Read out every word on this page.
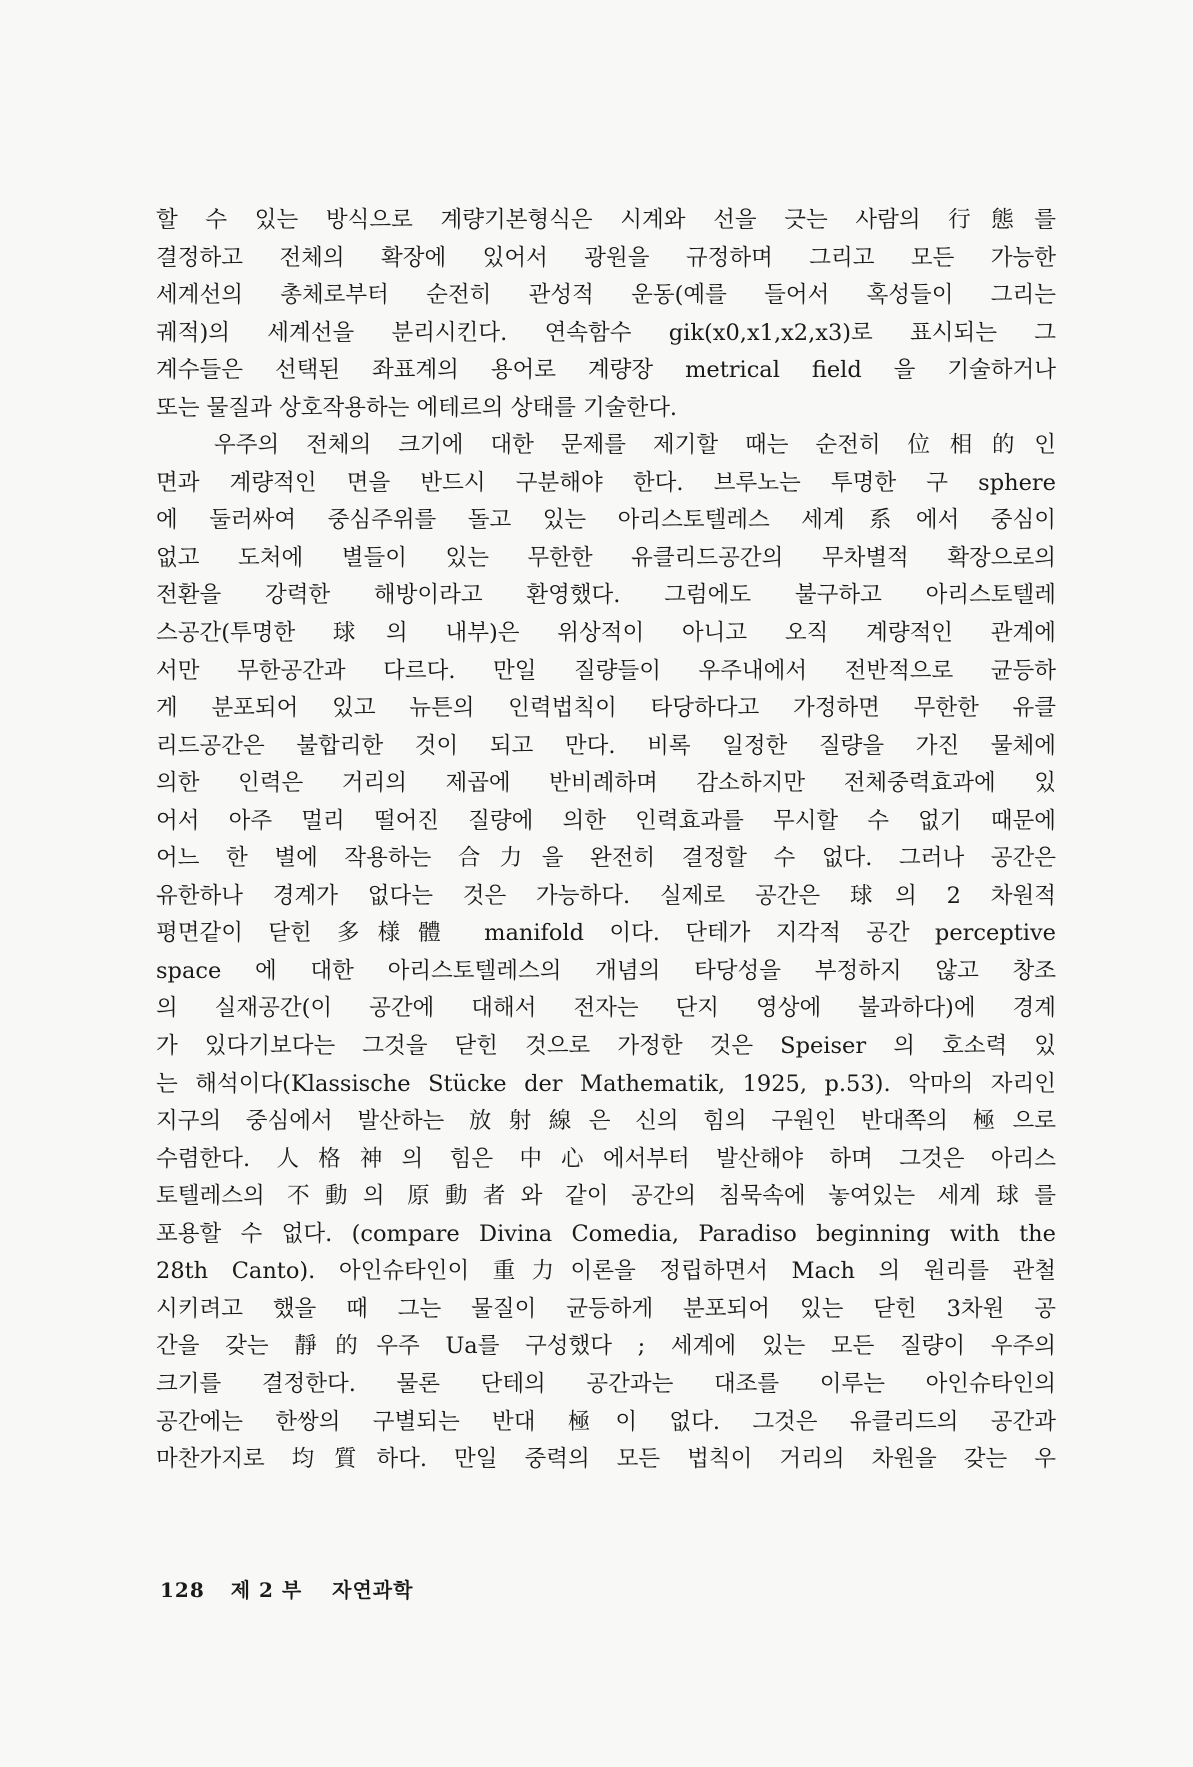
할 수 있는 방식으로 계량기본형식은 시계와 선을 긋는 사람의 行態를
결정하고 전체의 확장에 있어서 광원을 규정하며 그리고 모든 가능한
세계선의 총체로부터 순전히 관성적 운동(예를 들어서 혹성들이 그리는
궤적)의 세계선을 분리시킨다. 연속함수 gik(x0,x1,x2,x3)로 표시되는 그
계수들은 선택된 좌표계의 용어로 계량장 metrical field 을 기술하거나
또는 물질과 상호작용하는 에테르의 상태를 기술한다.
우주의 전체의 크기에 대한 문제를 제기할 때는 순전히 位相的인
면과 계량적인 면을 반드시 구분해야 한다. 브루노는 투명한 구 sphere
에 둘러싸여 중심주위를 돌고 있는 아리스토텔레스 세계系에서 중심이
없고 도처에 별들이 있는 무한한 유클리드공간의 무차별적 확장으로의
전환을 강력한 해방이라고 환영했다. 그럼에도 불구하고 아리스토텔레
스공간(투명한 球의 내부)은 위상적이 아니고 오직 계량적인 관계에
서만 무한공간과 다르다. 만일 질량들이 우주내에서 전반적으로 균등하
게 분포되어 있고 뉴튼의 인력법칙이 타당하다고 가정하면 무한한 유클
리드공간은 불합리한 것이 되고 만다. 비록 일정한 질량을 가진 물체에
의한 인력은 거리의 제곱에 반비례하며 감소하지만 전체중력효과에 있
어서 아주 멀리 떨어진 질량에 의한 인력효과를 무시할 수 없기 때문에
어느 한 별에 작용하는 合力을 완전히 결정할 수 없다. 그러나 공간은
유한하나 경계가 없다는 것은 가능하다. 실제로 공간은 球의 2 차원적
평면같이 닫힌 多様體 manifold 이다. 단테가 지각적 공간 perceptive
space 에 대한 아리스토텔레스의 개념의 타당성을 부정하지 않고 창조
의 실재공간(이 공간에 대해서 전자는 단지 영상에 불과하다)에 경계
가 있다기보다는 그것을 닫힌 것으로 가정한 것은 Speiser 의 호소력 있
는 해석이다(Klassische Stücke der Mathematik, 1925, p.53). 악마의 자리인
지구의 중심에서 발산하는 放射線은 신의 힘의 구원인 반대쪽의 極으로
수렴한다. 人格神의 힘은 中心에서부터 발산해야 하며 그것은 아리스
토텔레스의 不動의 原動者와 같이 공간의 침묵속에 놓여있는 세계球를
포용할 수 없다. (compare Divina Comedia, Paradiso beginning with the
28th Canto). 아인슈타인이 重力이론을 정립하면서 Mach 의 원리를 관철
시키려고 했을 때 그는 물질이 균등하게 분포되어 있는 닫힌 3차원 공
간을 갖는 靜的우주 Ua를 구성했다 ; 세계에 있는 모든 질량이 우주의
크기를 결정한다. 물론 단테의 공간과는 대조를 이루는 아인슈타인의
공간에는 한쌍의 구별되는 반대 極이 없다. 그것은 유클리드의 공간과
마찬가지로 均質하다. 만일 중력의 모든 법칙이 거리의 차원을 갖는 우
128 제 2 부 자연과학
